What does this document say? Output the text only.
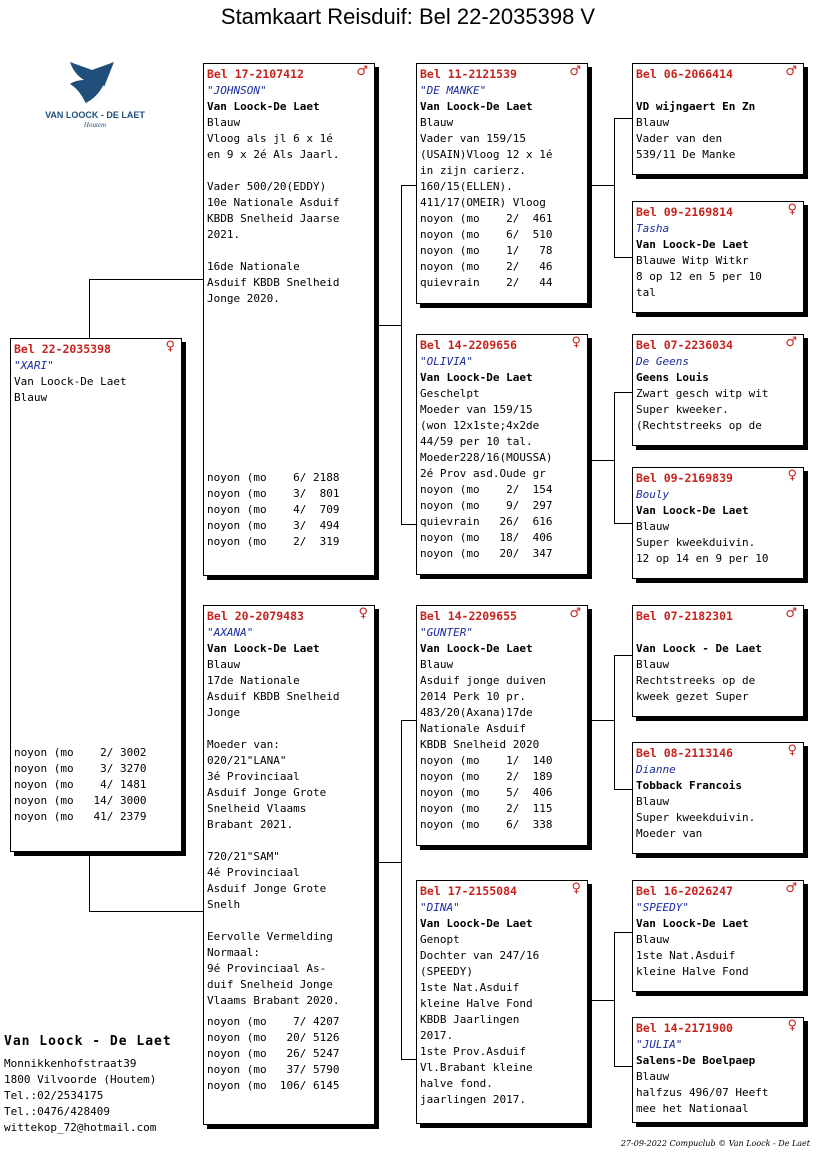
Stamkaart Reisduif: Bel 22-2035398 V
VAN LOOCK - DE LAET
Houtem
Bel 22-2035398	♀
"XARI"
Van Loock-De Laet
Blauw
noyon (mo    2/ 3002
noyon (mo    3/ 3270
noyon (mo    4/ 1481
noyon (mo   14/ 3000
noyon (mo   41/ 2379
Bel 17-2107412	♂
"JOHNSON"
Van Loock-De Laet
Blauw
Vloog als jl 6 x 1é
en 9 x 2é Als Jaarl.

Vader 500/20(EDDY)
10e Nationale Asduif
KBDB Snelheid Jaarse
2021.

16de Nationale
Asduif KBDB Snelheid
Jonge 2020.
noyon (mo    6/ 2188
noyon (mo    3/  801
noyon (mo    4/  709
noyon (mo    3/  494
noyon (mo    2/  319
Bel 20-2079483	♀
"AXANA"
Van Loock-De Laet
Blauw
17de Nationale
Asduif KBDB Snelheid
Jonge

Moeder van:
020/21"LANA"
3é Provinciaal
Asduif Jonge Grote
Snelheid Vlaams
Brabant 2021.

720/21"SAM"
4é Provinciaal
Asduif Jonge Grote
Snelh

Eervolle Vermelding
Normaal:
9é Provinciaal As-
duif Snelheid Jonge
Vlaams Brabant 2020.
noyon (mo    7/ 4207
noyon (mo   20/ 5126
noyon (mo   26/ 5247
noyon (mo   37/ 5790
noyon (mo  106/ 6145
Bel 11-2121539	♂
"DE MANKE"
Van Loock-De Laet
Blauw
Vader van 159/15
(USAIN)Vloog 12 x 1é
in zijn carierz.
160/15(ELLEN).
411/17(OMEIR) Vloog
noyon (mo    2/  461
noyon (mo    6/  510
noyon (mo    1/   78
noyon (mo    2/   46
quievrain    2/   44
Bel 14-2209656	♀
"OLIVIA"
Van Loock-De Laet
Geschelpt
Moeder van 159/15
(won 12x1ste;4x2de
44/59 per 10 tal.
Moeder228/16(MOUSSA)
2é Prov asd.Oude gr
noyon (mo    2/  154
noyon (mo    9/  297
quievrain   26/  616
noyon (mo   18/  406
noyon (mo   20/  347
Bel 14-2209655	♂
"GUNTER"
Van Loock-De Laet
Blauw
Asduif jonge duiven
2014 Perk 10 pr.
483/20(Axana)17de
Nationale Asduif
KBDB Snelheid 2020
noyon (mo    1/  140
noyon (mo    2/  189
noyon (mo    5/  406
noyon (mo    2/  115
noyon (mo    6/  338
Bel 17-2155084	♀
"DINA"
Van Loock-De Laet
Genopt
Dochter van 247/16
(SPEEDY)
1ste Nat.Asduif
kleine Halve Fond
KBDB Jaarlingen
2017.
1ste Prov.Asduif
Vl.Brabant kleine
halve fond.
jaarlingen 2017.
Bel 06-2066414	♂

VD wijngaert En Zn
Blauw
Vader van den
539/11 De Manke
Bel 09-2169814	♀
Tasha
Van Loock-De Laet
Blauwe Witp Witkr
8 op 12 en 5 per 10
tal
Bel 07-2236034	♂
De Geens
Geens Louis
Zwart gesch witp wit
Super kweeker.
(Rechtstreeks op de
Bel 09-2169839	♀
Bouly
Van Loock-De Laet
Blauw
Super kweekduivin.
12 op 14 en 9 per 10
Bel 07-2182301	♂

Van Loock - De Laet
Blauw
Rechtstreeks op de
kweek gezet Super
Bel 08-2113146	♀
Dianne
Tobback Francois
Blauw
Super kweekduivin.
Moeder van
Bel 16-2026247	♂
"SPEEDY"
Van Loock-De Laet
Blauw
1ste Nat.Asduif
kleine Halve Fond
Bel 14-2171900	♀
"JULIA"
Salens-De Boelpaep
Blauw
halfzus 496/07 Heeft
mee het Nationaal
Van Loock - De Laet
Monnikkenhofstraat39
1800 Vilvoorde (Houtem)
Tel.:02/2534175
Tel.:0476/428409
wittekop_72@hotmail.com
27-09-2022 Compuclub © Van Loock - De Laet
